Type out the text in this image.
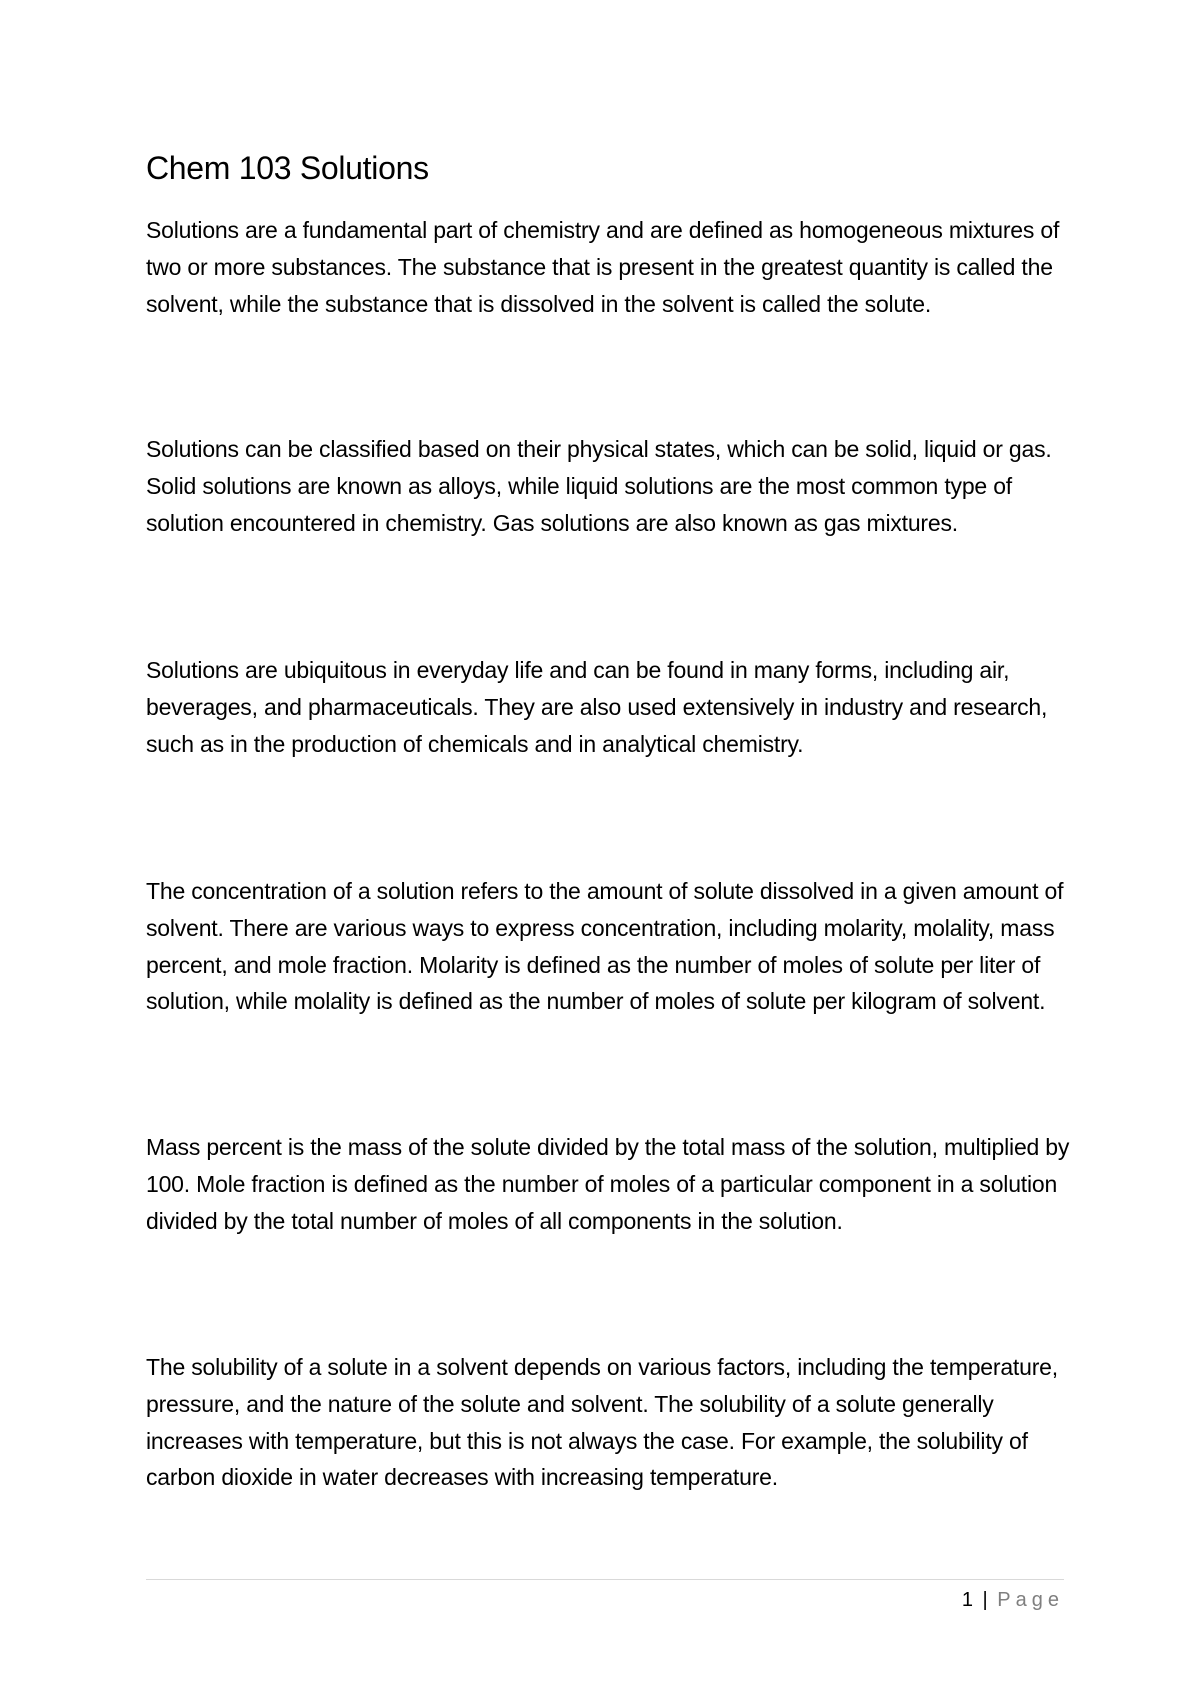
Chem 103 Solutions

Solutions are a fundamental part of chemistry and are defined as homogeneous mixtures of two or more substances. The substance that is present in the greatest quantity is called the solvent, while the substance that is dissolved in the solvent is called the solute.

Solutions can be classified based on their physical states, which can be solid, liquid or gas. Solid solutions are known as alloys, while liquid solutions are the most common type of solution encountered in chemistry. Gas solutions are also known as gas mixtures.

Solutions are ubiquitous in everyday life and can be found in many forms, including air, beverages, and pharmaceuticals. They are also used extensively in industry and research, such as in the production of chemicals and in analytical chemistry.

The concentration of a solution refers to the amount of solute dissolved in a given amount of solvent. There are various ways to express concentration, including molarity, molality, mass percent, and mole fraction. Molarity is defined as the number of moles of solute per liter of solution, while molality is defined as the number of moles of solute per kilogram of solvent.

Mass percent is the mass of the solute divided by the total mass of the solution, multiplied by 100. Mole fraction is defined as the number of moles of a particular component in a solution divided by the total number of moles of all components in the solution.

The solubility of a solute in a solvent depends on various factors, including the temperature, pressure, and the nature of the solute and solvent. The solubility of a solute generally increases with temperature, but this is not always the case. For example, the solubility of carbon dioxide in water decreases with increasing temperature.

1 | Page
